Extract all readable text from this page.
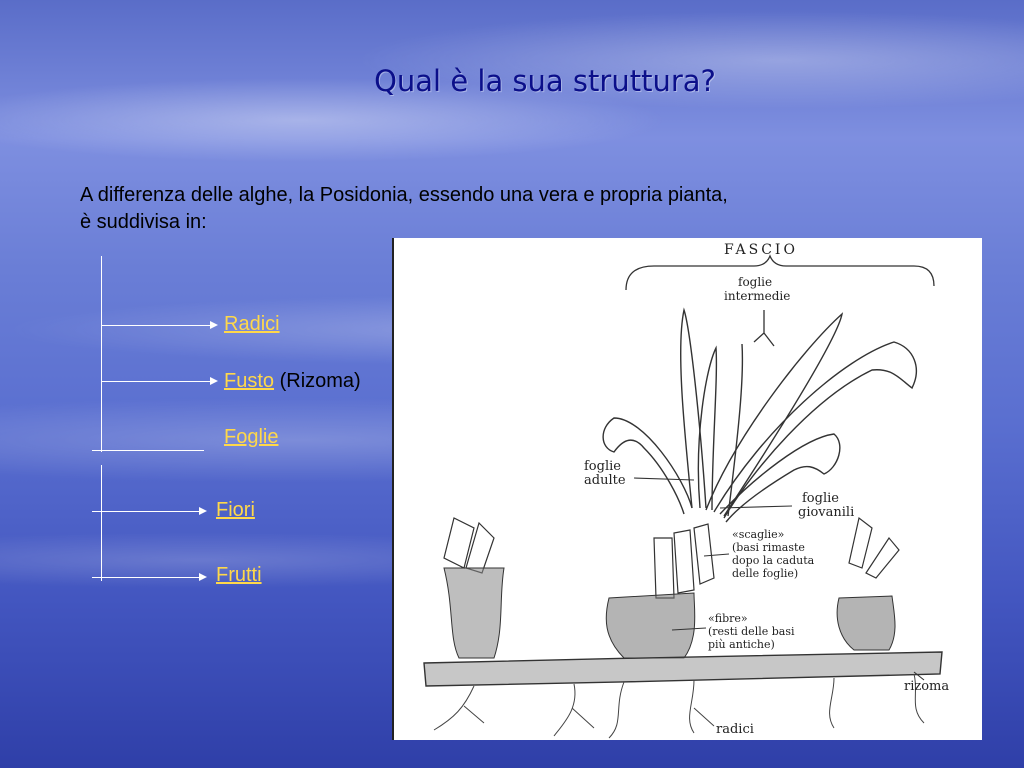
Qual è la sua struttura?
A differenza delle alghe, la Posidonia, essendo una vera e propria pianta,
è suddivisa in:
Radici
Fusto (Rizoma)
Foglie
Fiori
Frutti
FASCIO
foglie
intermedie
foglie
adulte
foglie
giovanili
«scaglie»
(basi rimaste
dopo la caduta
delle foglie)
«fibre»
(resti delle basi
più antiche)
rizoma
radici
